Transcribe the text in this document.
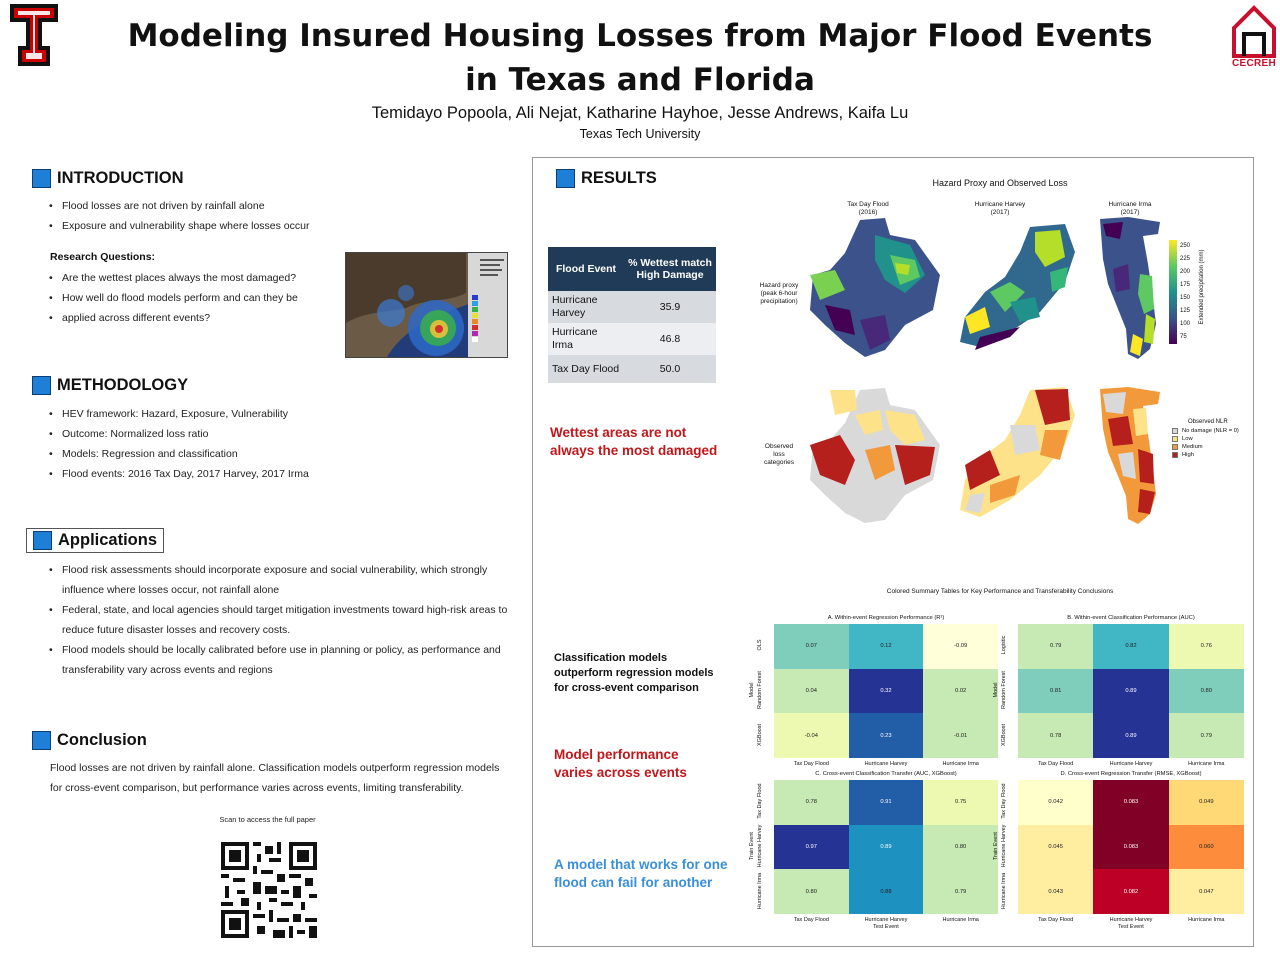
CECREH
Modeling Insured Housing Losses from Major Flood Events
in Texas and Florida
Temidayo Popoola, Ali Nejat, Katharine Hayhoe, Jesse Andrews, Kaifa Lu
Texas Tech University
INTRODUCTION
• Flood losses are not driven by rainfall alone
• Exposure and vulnerability shape where losses occur
Research Questions:
• Are the wettest places always the most damaged?
• How well do flood models perform and can they be
• applied across different events?
METHODOLOGY
• HEV framework: Hazard, Exposure, Vulnerability
• Outcome: Normalized loss ratio
• Models: Regression and classification
• Flood events: 2016 Tax Day, 2017 Harvey, 2017 Irma
Applications
• Flood risk assessments should incorporate exposure and social vulnerability, which strongly
influence where losses occur, not rainfall alone
• Federal, state, and local agencies should target mitigation investments toward high-risk areas to
reduce future disaster losses and recovery costs.
• Flood models should be locally calibrated before use in planning or policy, as performance and
transferability vary across events and regions
Conclusion
Flood losses are not driven by rainfall alone. Classification models outperform regression models
for cross-event comparison, but performance varies across events, limiting transferability.
Scan to access the full paper
RESULTS
Flood Event	% Wettest match
High Damage
Hurricane
Harvey	35.9
Hurricane
Irma	46.8
Tax Day Flood	50.0
Wettest areas are not
always the most damaged
Classification models
outperform regression models
for cross-event comparison
Model performance
varies across events
A model that works for one
flood can fail for another
Hazard Proxy and Observed Loss
Tax Day Flood
(2016)
Hurricane Harvey
(2017)
Hurricane Irma
(2017)
Hazard proxy
(peak 6-hour
precipitation)
Observed
loss
categories
250
225
200
175
150
125
100
75
Extended precipitation (mm)
Observed NLR
No damage (NLR = 0)
Low
Medium
High
Colored Summary Tables for Key Performance and Transferability Conclusions
A. Within-event Regression Performance (R²)
0.07	0.12	-0.09
OLS
0.04	0.32	0.02
Random Forest
-0.04	0.23	-0.01
XGBoost
Model
Tax Day Flood	Hurricane Harvey	Hurricane Irma
B. Within-event Classification Performance (AUC)
0.79	0.82	0.76
Logistic
0.81	0.89	0.80
Random Forest
0.78	0.89	0.79
XGBoost
Model
Tax Day Flood	Hurricane Harvey	Hurricane Irma
C. Cross-event Classification Transfer (AUC, XGBoost)
0.78	0.91	0.75
Tax Day Flood
0.97	0.89	0.80
Hurricane Harvey
0.80	0.88	0.79
Hurricane Irma
Train Event
Tax Day Flood	Hurricane Harvey	Hurricane Irma
Test Event
D. Cross-event Regression Transfer (RMSE, XGBoost)
0.042	0.083	0.049
Tax Day Flood
0.045	0.083	0.060
Hurricane Harvey
0.043	0.082	0.047
Hurricane Irma
Train Event
Tax Day Flood	Hurricane Harvey	Hurricane Irma
Test Event
